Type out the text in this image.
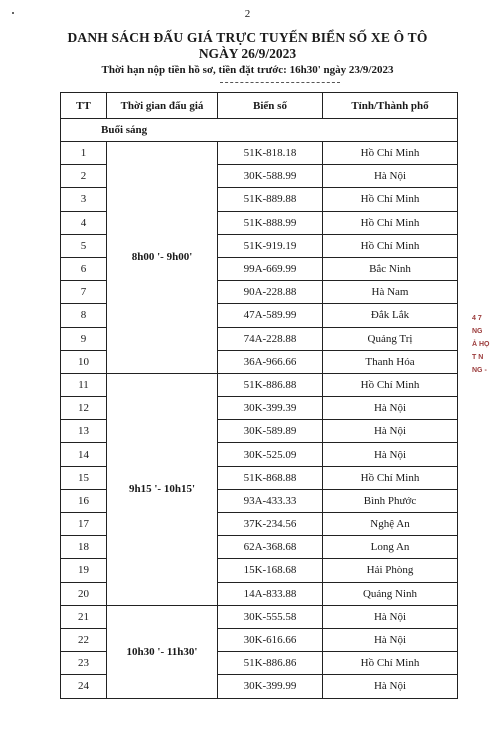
2
DANH SÁCH ĐẤU GIÁ TRỰC TUYẾN BIỂN SỐ XE Ô TÔ
NGÀY 26/9/2023
Thời hạn nộp tiền hồ sơ, tiền đặt trước: 16h30' ngày 23/9/2023
TT	Thời gian đấu giá	Biển số	Tỉnh/Thành phố
Buổi sáng			
1	8h00 '- 9h00'	51K-818.18	Hồ Chí Minh
2		30K-588.99	Hà Nội
3		51K-889.88	Hồ Chí Minh
4		51K-888.99	Hồ Chí Minh
5		51K-919.19	Hồ Chí Minh
6		99A-669.99	Bắc Ninh
7		90A-228.88	Hà Nam
8		47A-589.99	Đắk Lắk
9		74A-228.88	Quảng Trị
10		36A-966.66	Thanh Hóa
11	9h15 '- 10h15'	51K-886.88	Hồ Chí Minh
12		30K-399.39	Hà Nội
13		30K-589.89	Hà Nội
14		30K-525.09	Hà Nội
15		51K-868.88	Hồ Chí Minh
16		93A-433.33	Bình Phước
17		37K-234.56	Nghệ An
18		62A-368.68	Long An
19		15K-168.68	Hải Phòng
20		14A-833.88	Quảng Ninh
21	10h30 '- 11h30'	30K-555.58	Hà Nội
22		30K-616.66	Hà Nội
23		51K-886.86	Hồ Chí Minh
24		30K-399.99	Hà Nội
4 7
NG
Ả HỌ
T N
NG -
